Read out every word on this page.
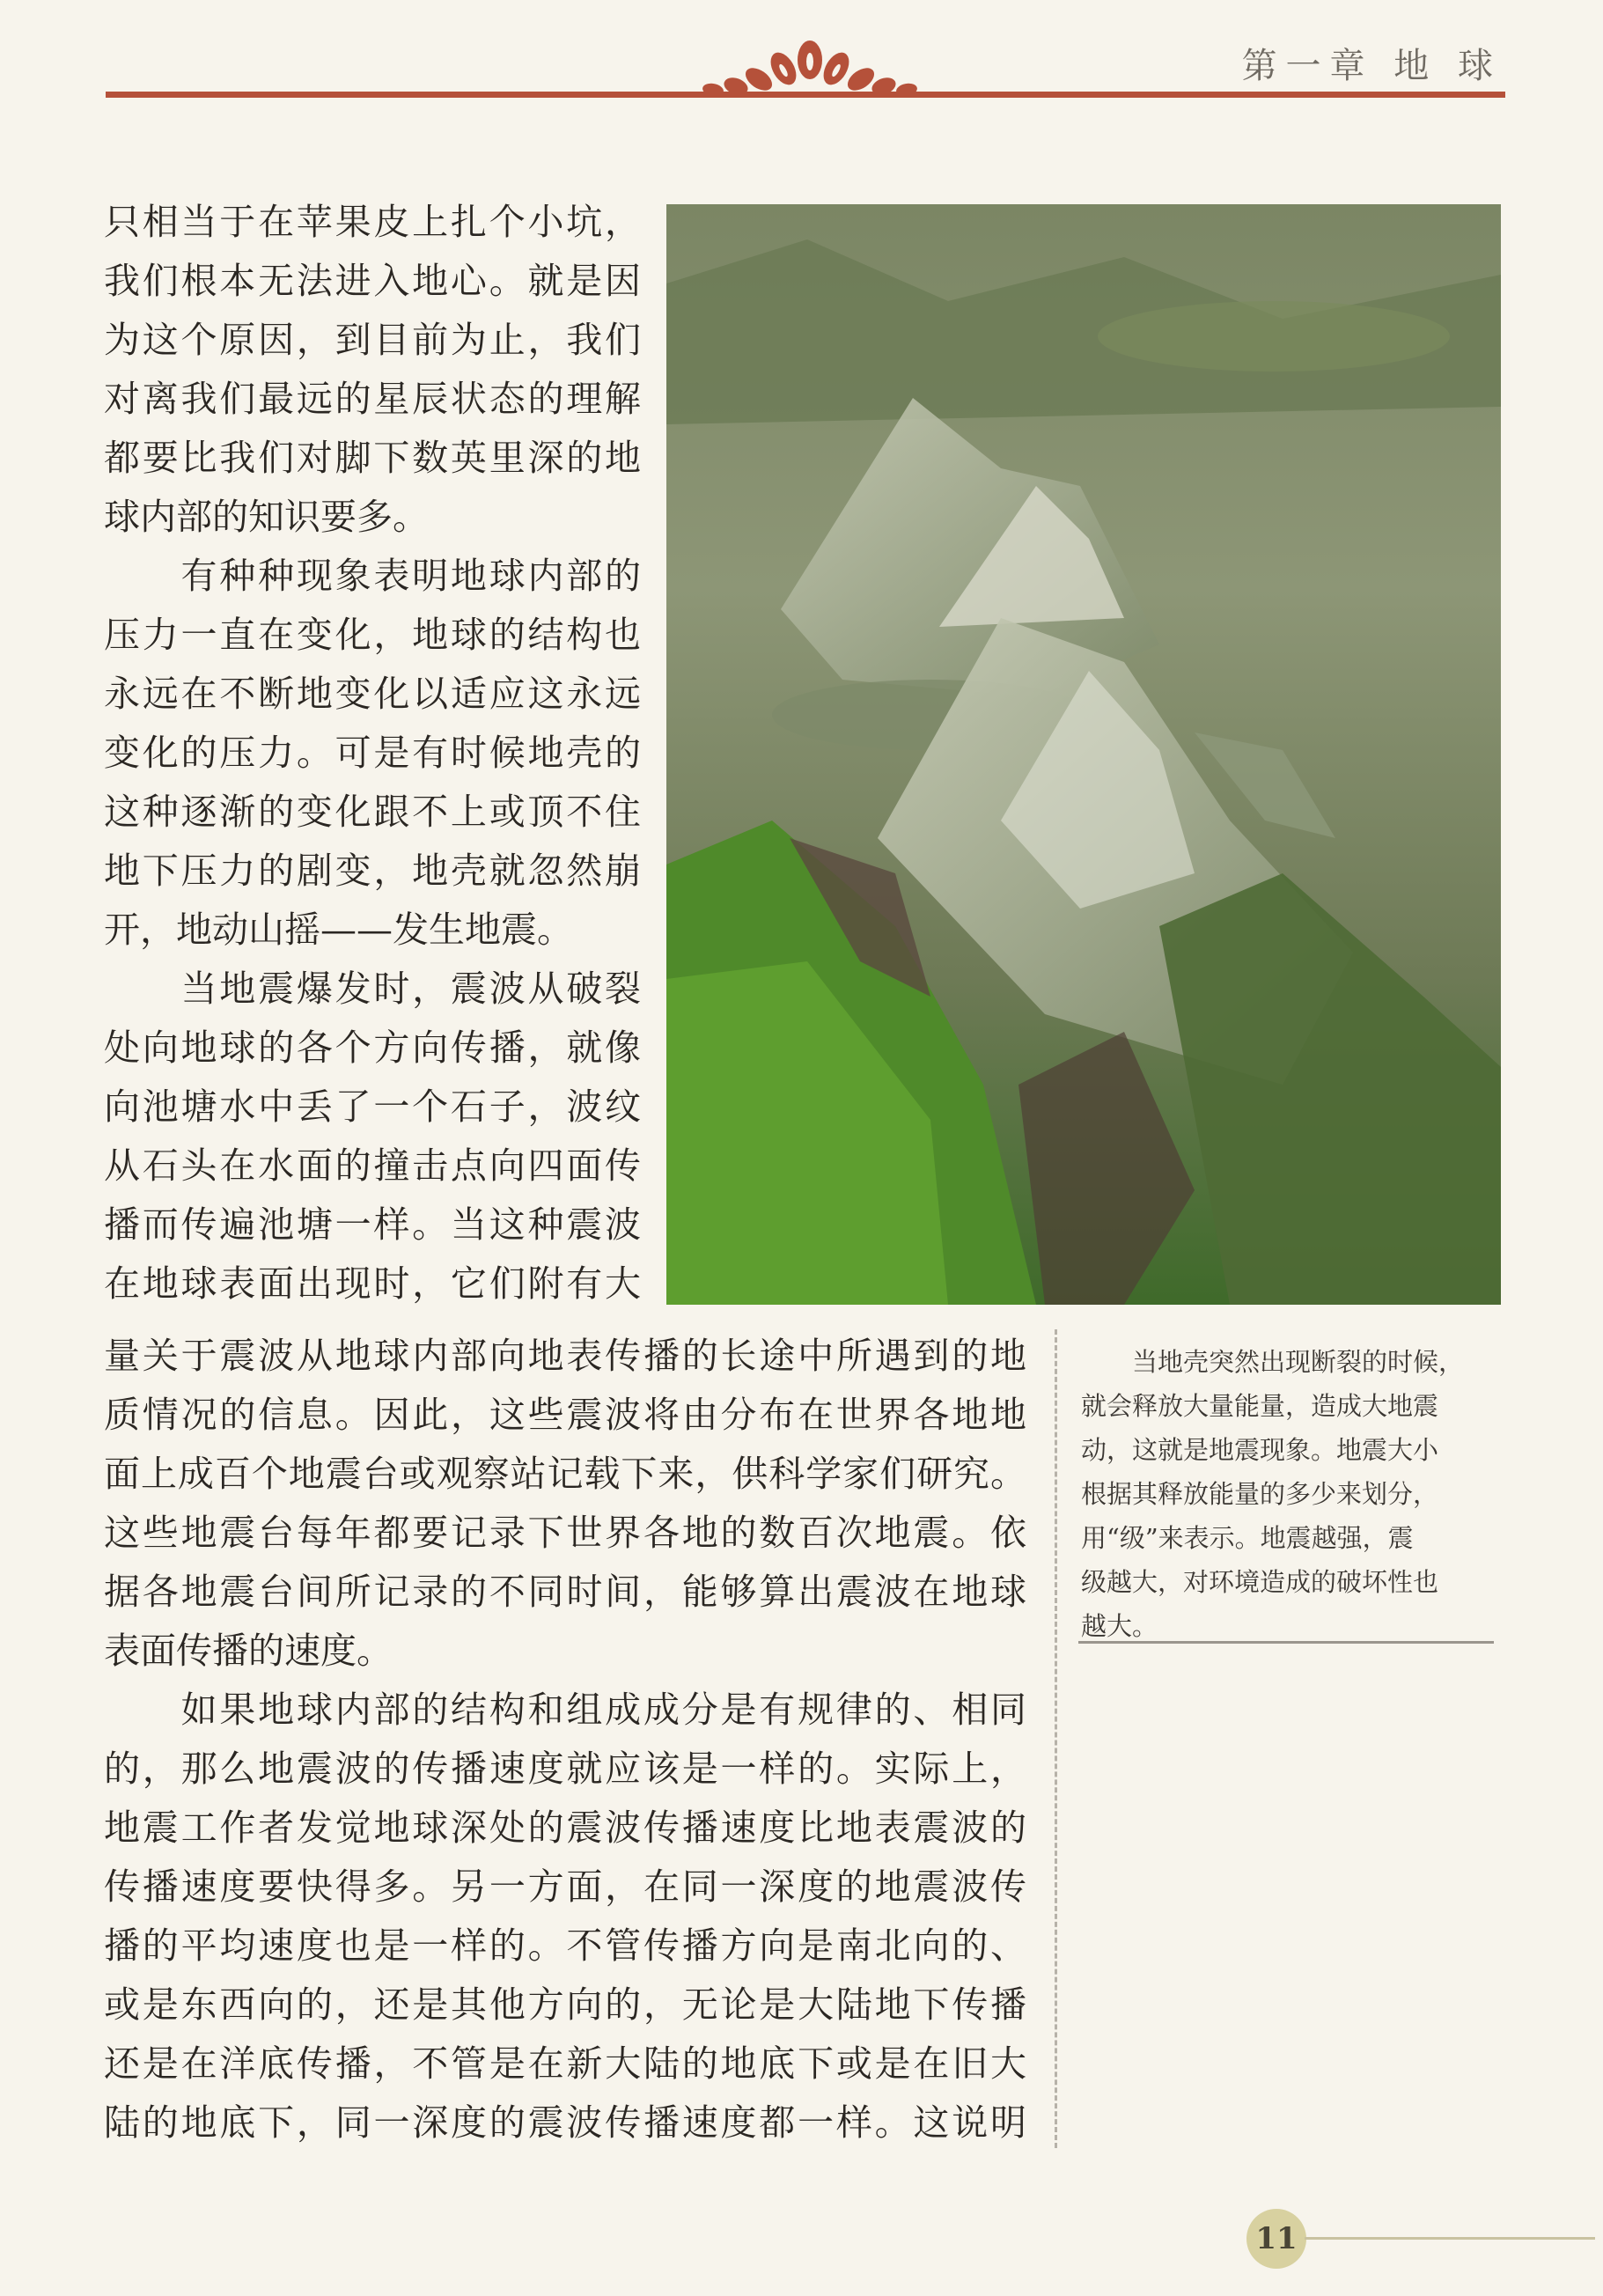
第一章 地 球
只相当于在苹果皮上扎个小坑，
我们根本无法进入地心。就是因
为这个原因，到目前为止，我们
对离我们最远的星辰状态的理解
都要比我们对脚下数英里深的地
球内部的知识要多。
　　有种种现象表明地球内部的
压力一直在变化，地球的结构也
永远在不断地变化以适应这永远
变化的压力。可是有时候地壳的
这种逐渐的变化跟不上或顶不住
地下压力的剧变，地壳就忽然崩
开，地动山摇——发生地震。
　　当地震爆发时，震波从破裂
处向地球的各个方向传播，就像
向池塘水中丢了一个石子，波纹
从石头在水面的撞击点向四面传
播而传遍池塘一样。当这种震波
在地球表面出现时，它们附有大
量关于震波从地球内部向地表传播的长途中所遇到的地
质情况的信息。因此，这些震波将由分布在世界各地地
面上成百个地震台或观察站记载下来，供科学家们研究。
这些地震台每年都要记录下世界各地的数百次地震。依
据各地震台间所记录的不同时间，能够算出震波在地球
表面传播的速度。
　　如果地球内部的结构和组成成分是有规律的、相同
的，那么地震波的传播速度就应该是一样的。实际上，
地震工作者发觉地球深处的震波传播速度比地表震波的
传播速度要快得多。另一方面，在同一深度的地震波传
播的平均速度也是一样的。不管传播方向是南北向的、
或是东西向的，还是其他方向的，无论是大陆地下传播
还是在洋底传播，不管是在新大陆的地底下或是在旧大
陆的地底下，同一深度的震波传播速度都一样。这说明
　　当地壳突然出现断裂的时候，
就会释放大量能量，造成大地震
动，这就是地震现象。地震大小
根据其释放能量的多少来划分，
用“级”来表示。地震越强，震
级越大，对环境造成的破坏性也
越大。
11
